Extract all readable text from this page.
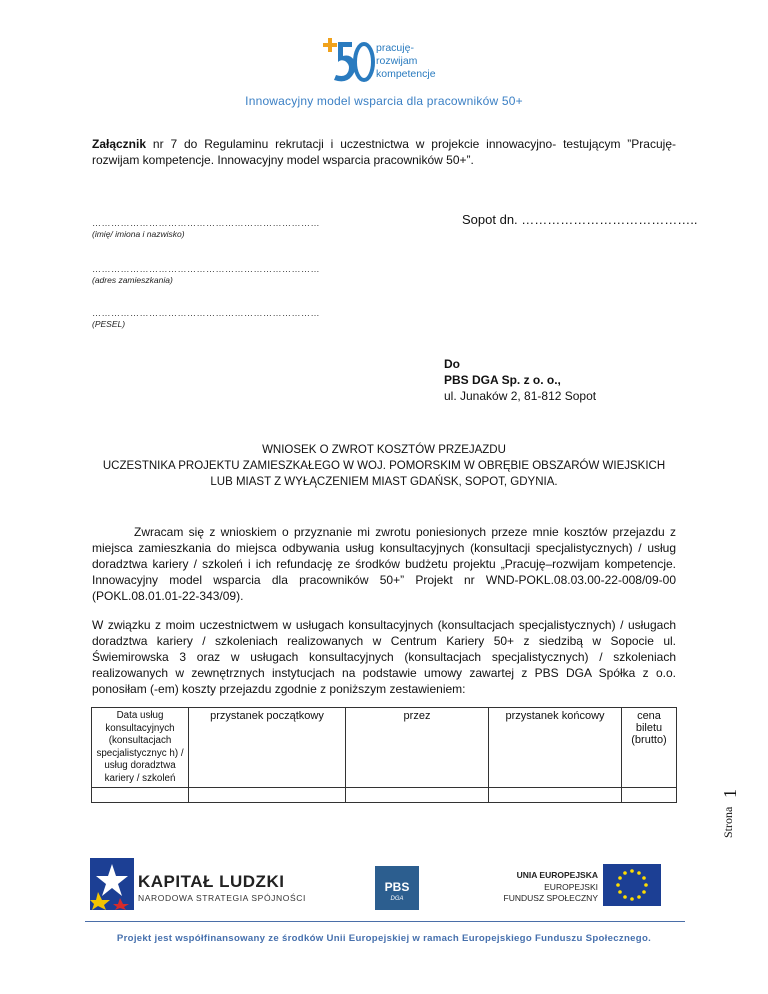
pracuję-
rozwijam
kompetencje
Innowacyjny model wsparcia dla pracowników 50+
Załącznik nr 7 do Regulaminu rekrutacji i uczestnictwa w projekcie innowacyjno- testującym ”Pracuję-rozwijam kompetencje. Innowacyjny model wsparcia pracowników 50+”.
………………………………………………………………
(imię/ imiona i nazwisko)
Sopot dn. …………………………………..
………………………………………………………………
(adres zamieszkania)
………………………………………………………………
(PESEL)
Do
PBS DGA Sp. z o. o.,
ul. Junaków 2, 81-812 Sopot
WNIOSEK O ZWROT KOSZTÓW PRZEJAZDU
UCZESTNIKA PROJEKTU ZAMIESZKAŁEGO W WOJ. POMORSKIM W OBRĘBIE OBSZARÓW WIEJSKICH
LUB MIAST Z WYŁĄCZENIEM MIAST GDAŃSK, SOPOT, GDYNIA.
Zwracam się z wnioskiem o przyznanie mi zwrotu poniesionych przeze mnie kosztów przejazdu z miejsca zamieszkania do miejsca odbywania usług konsultacyjnych (konsultacji specjalistycznych) / usług doradztwa kariery / szkoleń i ich refundację ze środków budżetu projektu „Pracuję–rozwijam kompetencje. Innowacyjny model wsparcia dla pracowników 50+” Projekt nr WND-POKL.08.03.00-22-008/09-00 (POKL.08.01.01-22-343/09).
W związku z moim uczestnictwem w usługach konsultacyjnych (konsultacjach specjalistycznych) / usługach doradztwa kariery / szkoleniach realizowanych w Centrum Kariery 50+ z siedzibą w Sopocie ul. Świemirowska 3 oraz w usługach konsultacyjnych (konsultacjach specjalistycznych) / szkoleniach realizowanych w zewnętrznych instytucjach na podstawie umowy zawartej z PBS DGA Spółka z o.o. ponosiłam (-em) koszty przejazdu zgodnie z poniższym zestawieniem:
Data usług konsultacyjnych (konsultacjach specjalistycznyc h) / usług doradztwa kariery / szkoleń	przystanek początkowy	przez	przystanek końcowy	cena biletu (brutto)

Strona
1
KAPITAŁ LUDZKI
NARODOWA STRATEGIA SPÓJNOŚCI
PBS
DGA
UNIA EUROPEJSKA
EUROPEJSKI
FUNDUSZ SPOŁECZNY
Projekt jest współfinansowany ze środków Unii Europejskiej w ramach Europejskiego Funduszu Społecznego.
